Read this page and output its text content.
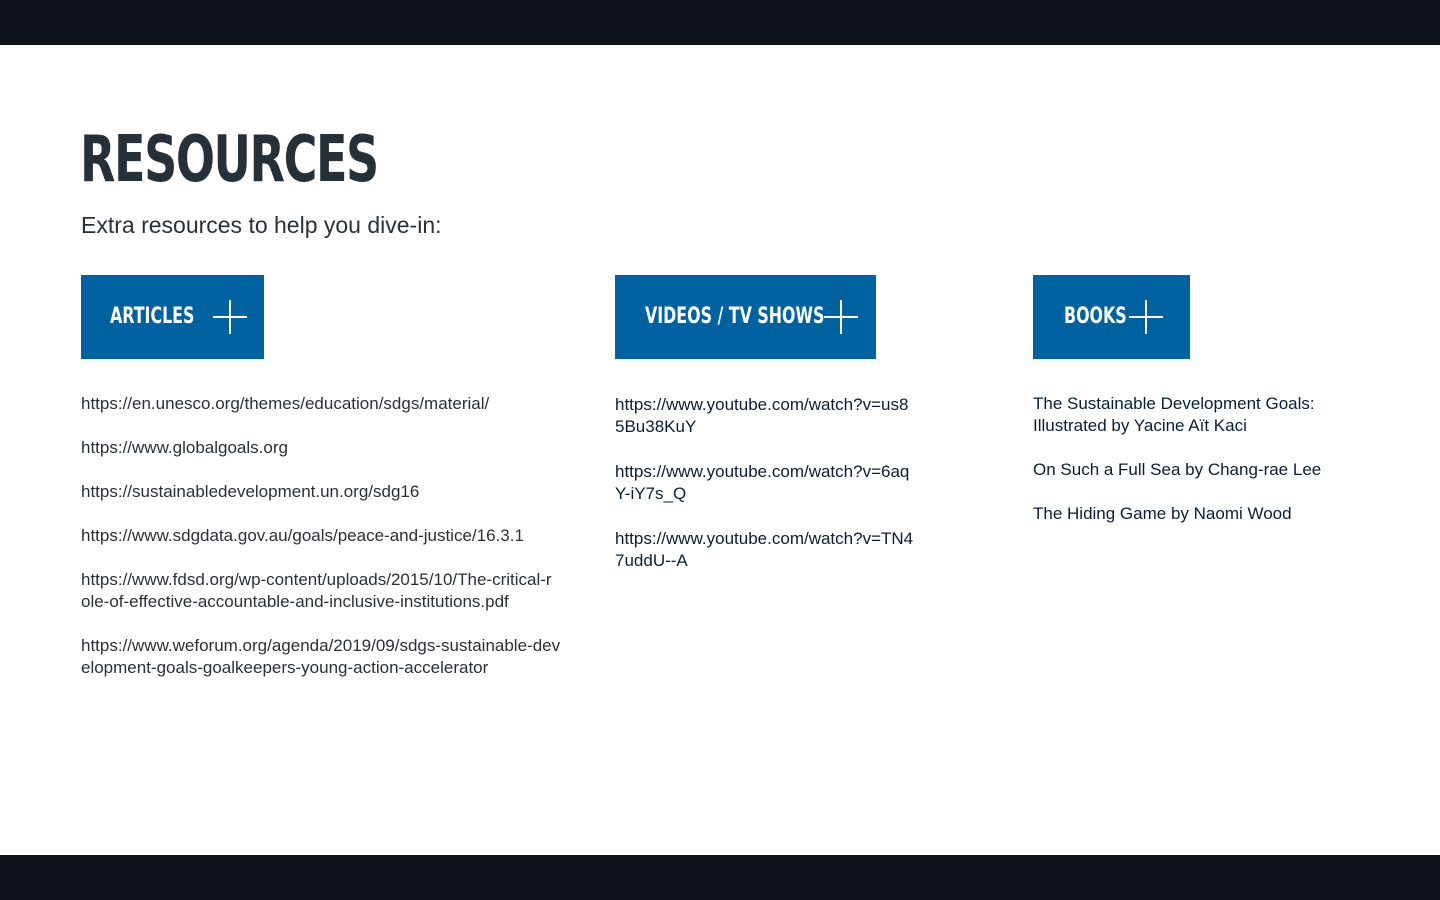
RESOURCES

Extra resources to help you dive-in:

ARTICLES
https://en.unesco.org/themes/education/sdgs/material/
https://www.globalgoals.org
https://sustainabledevelopment.un.org/sdg16
https://www.sdgdata.gov.au/goals/peace-and-justice/16.3.1
https://www.fdsd.org/wp-content/uploads/2015/10/The-critical-role-of-effective-accountable-and-inclusive-institutions.pdf
https://www.weforum.org/agenda/2019/09/sdgs-sustainable-development-goals-goalkeepers-young-action-accelerator
VIDEOS / TV SHOWS
https://www.youtube.com/watch?v=us85Bu38KuY
https://www.youtube.com/watch?v=6aqY-iY7s_Q
https://www.youtube.com/watch?v=TN47uddU--A
BOOKS
The Sustainable Development Goals: Illustrated by Yacine Aït Kaci
On Such a Full Sea by Chang-rae Lee
The Hiding Game by Naomi Wood
